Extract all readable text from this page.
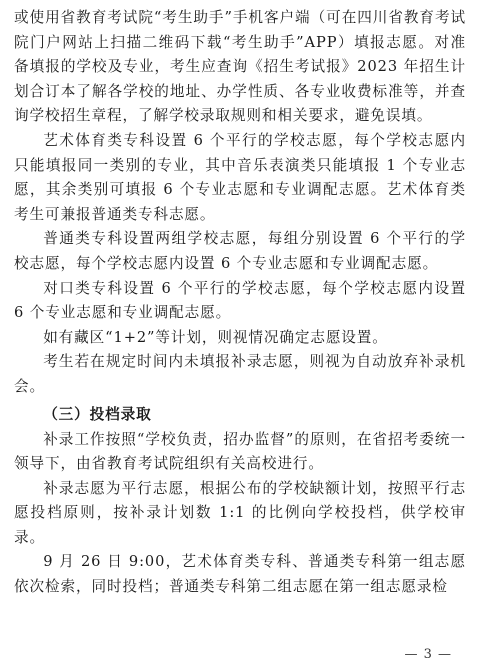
或使用省教育考试院“考生助手”手机客户端（可在四川省教育考试院门户网站上扫描二维码下载“考生助手”APP）填报志愿。对准备填报的学校及专业，考生应查询《招生考试报》2023 年招生计划合订本了解各学校的地址、办学性质、各专业收费标准等，并查询学校招生章程，了解学校录取规则和相关要求，避免误填。

艺术体育类专科设置 6 个平行的学校志愿，每个学校志愿内只能填报同一类别的专业，其中音乐表演类只能填报 1 个专业志愿，其余类别可填报 6 个专业志愿和专业调配志愿。艺术体育类考生可兼报普通类专科志愿。

普通类专科设置两组学校志愿，每组分别设置 6 个平行的学校志愿，每个学校志愿内设置 6 个专业志愿和专业调配志愿。

对口类专科设置 6 个平行的学校志愿，每个学校志愿内设置 6 个专业志愿和专业调配志愿。

如有藏区“1+2”等计划，则视情况确定志愿设置。

考生若在规定时间内未填报补录志愿，则视为自动放弃补录机会。

（三）投档录取

补录工作按照“学校负责，招办监督”的原则，在省招考委统一领导下，由省教育考试院组织有关高校进行。

补录志愿为平行志愿，根据公布的学校缺额计划，按照平行志愿投档原则，按补录计划数 1:1 的比例向学校投档，供学校审录。

9 月 26 日 9:00，艺术体育类专科、普通类专科第一组志愿依次检索，同时投档；普通类专科第二组志愿在第一组志愿录检

— 3 —
